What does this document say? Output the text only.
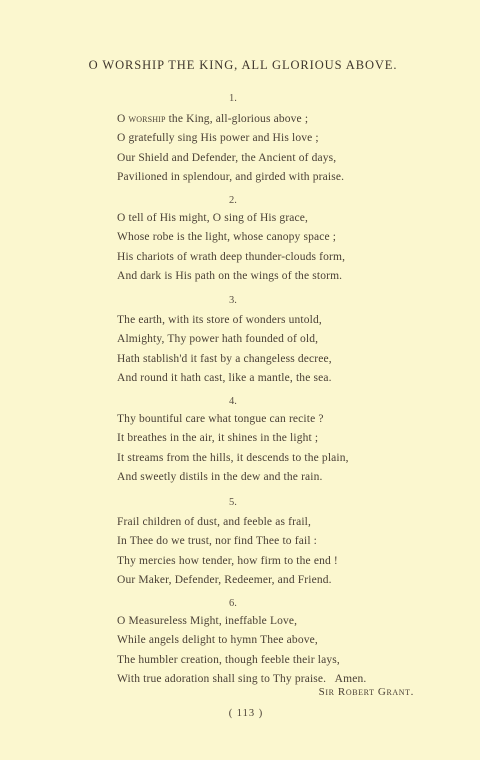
O WORSHIP THE KING, ALL GLORIOUS ABOVE.
1.
O worship the King, all-glorious above ;
O gratefully sing His power and His love ;
Our Shield and Defender, the Ancient of days,
Pavilioned in splendour, and girded with praise.
2.
O tell of His might, O sing of His grace,
Whose robe is the light, whose canopy space ;
His chariots of wrath deep thunder-clouds form,
And dark is His path on the wings of the storm.
3.
The earth, with its store of wonders untold,
Almighty, Thy power hath founded of old,
Hath stablish'd it fast by a changeless decree,
And round it hath cast, like a mantle, the sea.
4.
Thy bountiful care what tongue can recite ?
It breathes in the air, it shines in the light ;
It streams from the hills, it descends to the plain,
And sweetly distils in the dew and the rain.
5.
Frail children of dust, and feeble as frail,
In Thee do we trust, nor find Thee to fail :
Thy mercies how tender, how firm to the end !
Our Maker, Defender, Redeemer, and Friend.
6.
O Measureless Might, ineffable Love,
While angels delight to hymn Thee above,
The humbler creation, though feeble their lays,
With true adoration shall sing to Thy praise.   Amen.
Sir Robert Grant.
( 113 )
